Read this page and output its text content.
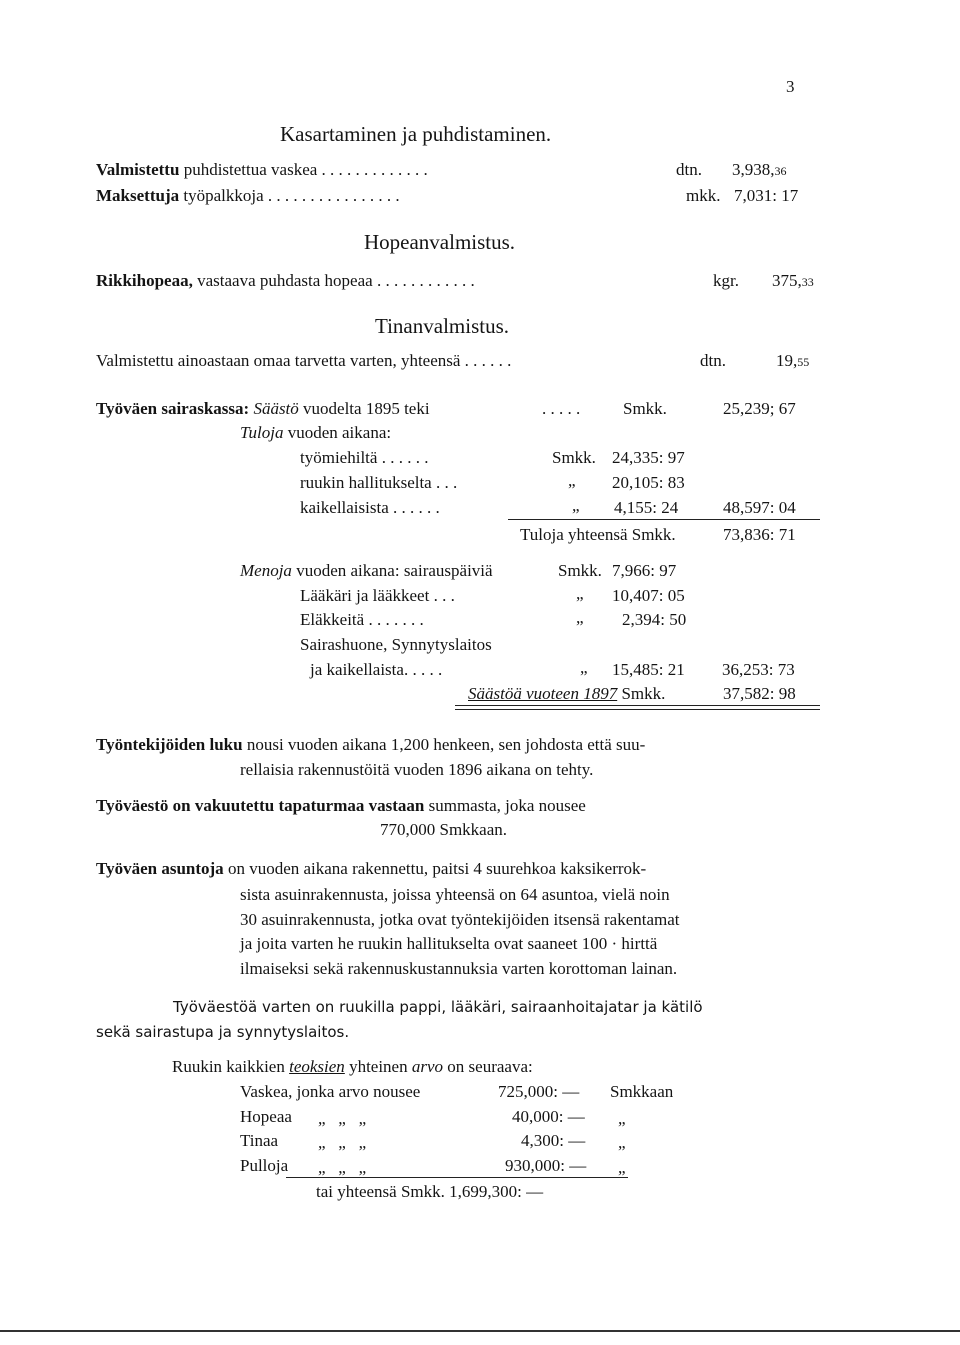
3
Kasartaminen ja puhdistaminen.
Valmistettu puhdistettua vaskea . . . . . . . . . . . . .	dtn. 3,938,36
Maksettuja työpalkkoja . . . . . . . . . . . . . . . .	mkk. 7,031: 17
Hopeanvalmistus.
Rikkihopeaa, vastaava puhdasta hopeaa . . . . . . . . . . . .	kgr. 375,33
Tinanvalmistus.
Valmistettu ainoastaan omaa tarvetta varten, yhteensä . . . . . .	dtn.	19,55
Työväen sairaskassa: Säästö vuodelta 1895 teki	. . . . .	Smkk.	25,239; 67
Tuloja vuoden aikana:
työmiehiltä . . . . . .	Smkk. 24,335: 97
ruukin hallitukselta . . .	„ 20,105: 83
kaikellaisista . . . . . .	„ 4,155: 24	48,597: 04
Tuloja yhteensä Smkk.	73,836: 71
Menoja vuoden aikana: sairauspäiviä	Smkk. 7,966: 97
Lääkäri ja lääkkeet . . .	„ 10,407: 05
Eläkkeitä . . . . . . .	„ 2,394: 50
Sairashuone, Synnytyslaitos
ja kaikellaista. . . . .	„ 15,485: 21 36,253: 73
Säästöä vuoteen 1897 Smkk.	37,582: 98
Työntekijöiden luku nousi vuoden aikana 1,200 henkeen, sen johdosta että suu-
rellaisia rakennustöitä vuoden 1896 aikana on tehty.
Työväestö on vakuutettu tapaturmaa vastaan summasta, joka nousee
770,000 Smkkaan.
Työväen asuntoja on vuoden aikana rakennettu, paitsi 4 suurehkoa kaksikerrok-
sista asuinrakennusta, joissa yhteensä on 64 asuntoa, vielä noin
30 asuinrakennusta, jotka ovat työntekijöiden itsensä rakentamat
ja joita varten he ruukin hallitukselta ovat saaneet 100 · hirttä
ilmaiseksi sekä rakennuskustannuksia varten korottoman lainan.
Työväestöä varten on ruukilla pappi, lääkäri, sairaanhoitajatar ja kätilö
sekä sairastupa ja synnytyslaitos.
Ruukin kaikkien teoksien yhteinen arvo on seuraava:
Vaskea, jonka arvo nousee	725,000: — Smkkaan
Hopeaa „   „   „	40,000: — „
Tinaa „   „   „	4,300: — „
Pulloja „   „   „	930,000: — „
tai yhteensä Smkk. 1,699,300: —
